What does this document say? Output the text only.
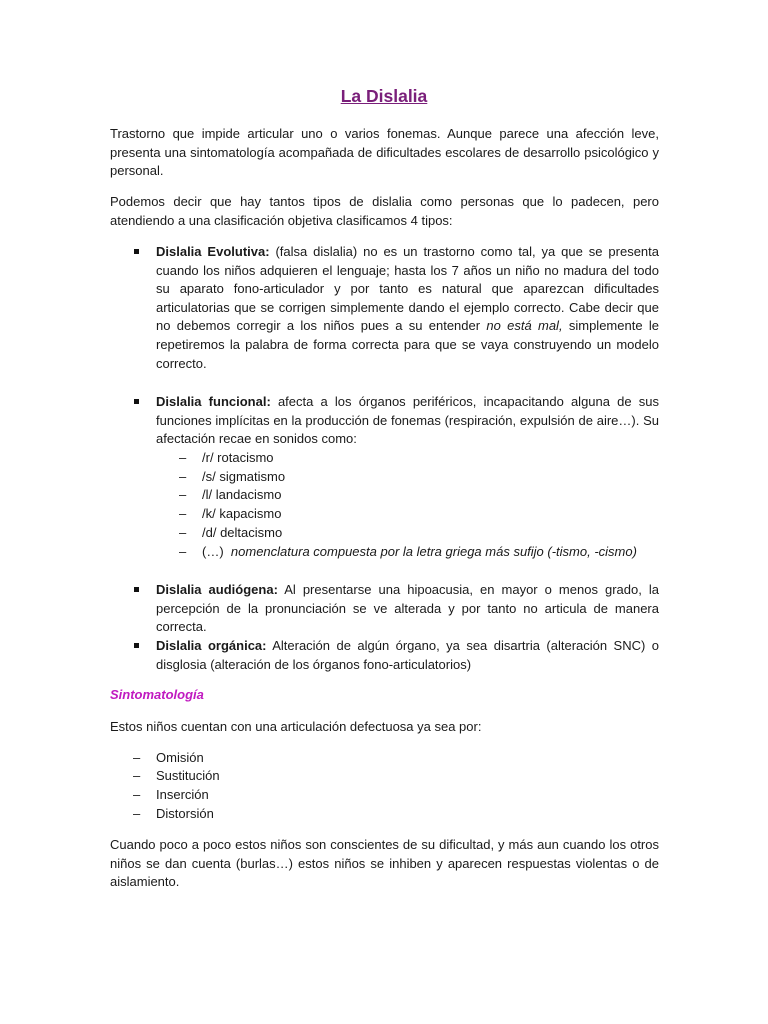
La Dislalia
Trastorno que impide articular uno o varios fonemas. Aunque parece una afección leve,
presenta una sintomatología acompañada de dificultades escolares de desarrollo psicológico y
personal.
Podemos decir que hay tantos tipos de dislalia como personas que lo padecen, pero
atendiendo a una clasificación objetiva clasificamos 4 tipos:
Dislalia Evolutiva: (falsa dislalia) no es un trastorno como tal, ya que se presenta
cuando los niños adquieren el lenguaje; hasta los 7 años un niño no madura del todo
su aparato fono-articulador y por tanto es natural que aparezcan dificultades
articulatorias que se corrigen simplemente dando el ejemplo correcto. Cabe decir que
no debemos corregir a los niños pues a su entender no está mal, simplemente le
repetiremos la palabra de forma correcta para que se vaya construyendo un modelo
correcto.
Dislalia funcional: afecta a los órganos periféricos, incapacitando alguna de sus
funciones implícitas en la producción de fonemas (respiración, expulsión de aire…). Su
afectación recae en sonidos como:
– /r/ rotacismo
– /s/ sigmatismo
– /l/ landacismo
– /k/ kapacismo
– /d/ deltacismo
– (…) nomenclatura compuesta por la letra griega más sufijo (-tismo, -cismo)
Dislalia audiógena: Al presentarse una hipoacusia, en mayor o menos grado, la
percepción de la pronunciación se ve alterada y por tanto no articula de manera
correcta.
Dislalia orgánica: Alteración de algún órgano, ya sea disartria (alteración SNC) o
disglosia (alteración de los órganos fono-articulatorios)
Sintomatología
Estos niños cuentan con una articulación defectuosa ya sea por:
– Omisión
– Sustitución
– Inserción
– Distorsión
Cuando poco a poco estos niños son conscientes de su dificultad, y más aun cuando los otros
niños se dan cuenta (burlas…) estos niños se inhiben y aparecen respuestas violentas o de
aislamiento.
